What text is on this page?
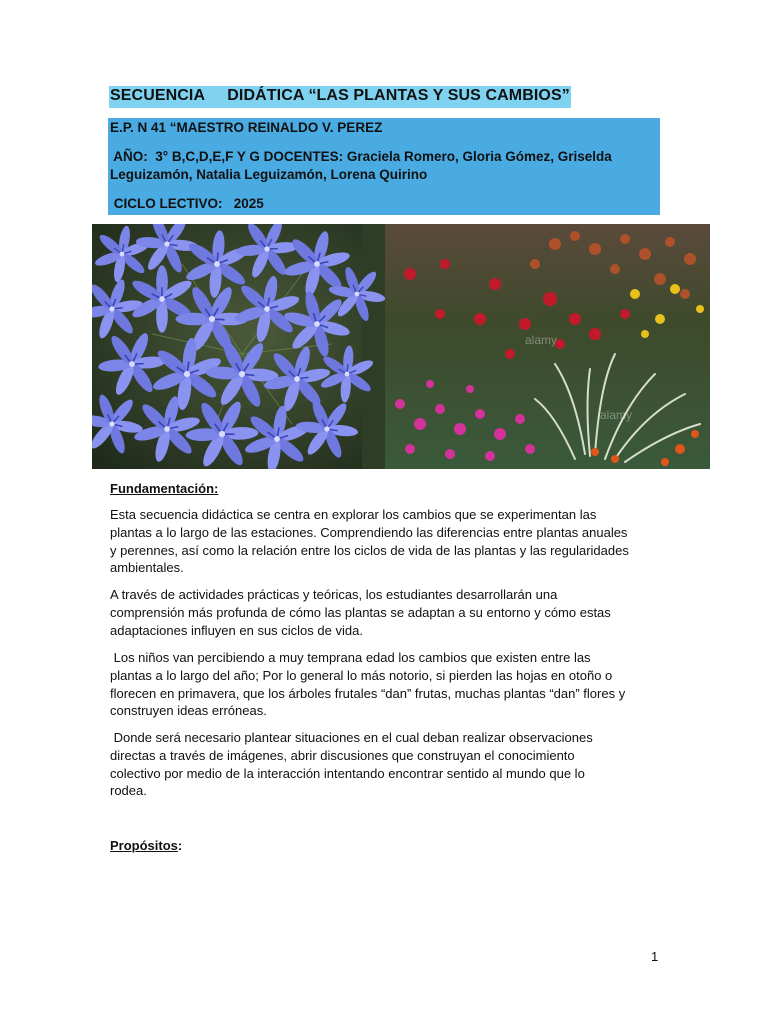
SECUENCIA     DIDÁTICA “LAS PLANTAS Y SUS CAMBIOS”
E.P. N 41 “MAESTRO REINALDO V. PEREZ
AÑO:  3° B,C,D,E,F Y G DOCENTES: Graciela Romero, Gloria Gómez, Griselda
Leguizamón, Natalia Leguizamón, Lorena Quirino
CICLO LECTIVO:   2025
alamy
alamy
Fundamentación:
Esta secuencia didáctica se centra en explorar los cambios que se experimentan las
plantas a lo largo de las estaciones. Comprendiendo las diferencias entre plantas anuales
y perennes, así como la relación entre los ciclos de vida de las plantas y las regularidades
ambientales.
A través de actividades prácticas y teóricas, los estudiantes desarrollarán una
comprensión más profunda de cómo las plantas se adaptan a su entorno y cómo estas
adaptaciones influyen en sus ciclos de vida.
Los niños van percibiendo a muy temprana edad los cambios que existen entre las
plantas a lo largo del año; Por lo general lo más notorio, si pierden las hojas en otoño o
florecen en primavera, que los árboles frutales “dan” frutas, muchas plantas “dan” flores y
construyen ideas erróneas.
Donde será necesario plantear situaciones en el cual deban realizar observaciones
directas a través de imágenes, abrir discusiones que construyan el conocimiento
colectivo por medio de la interacción intentando encontrar sentido al mundo que lo
rodea.
Propósitos:
1
